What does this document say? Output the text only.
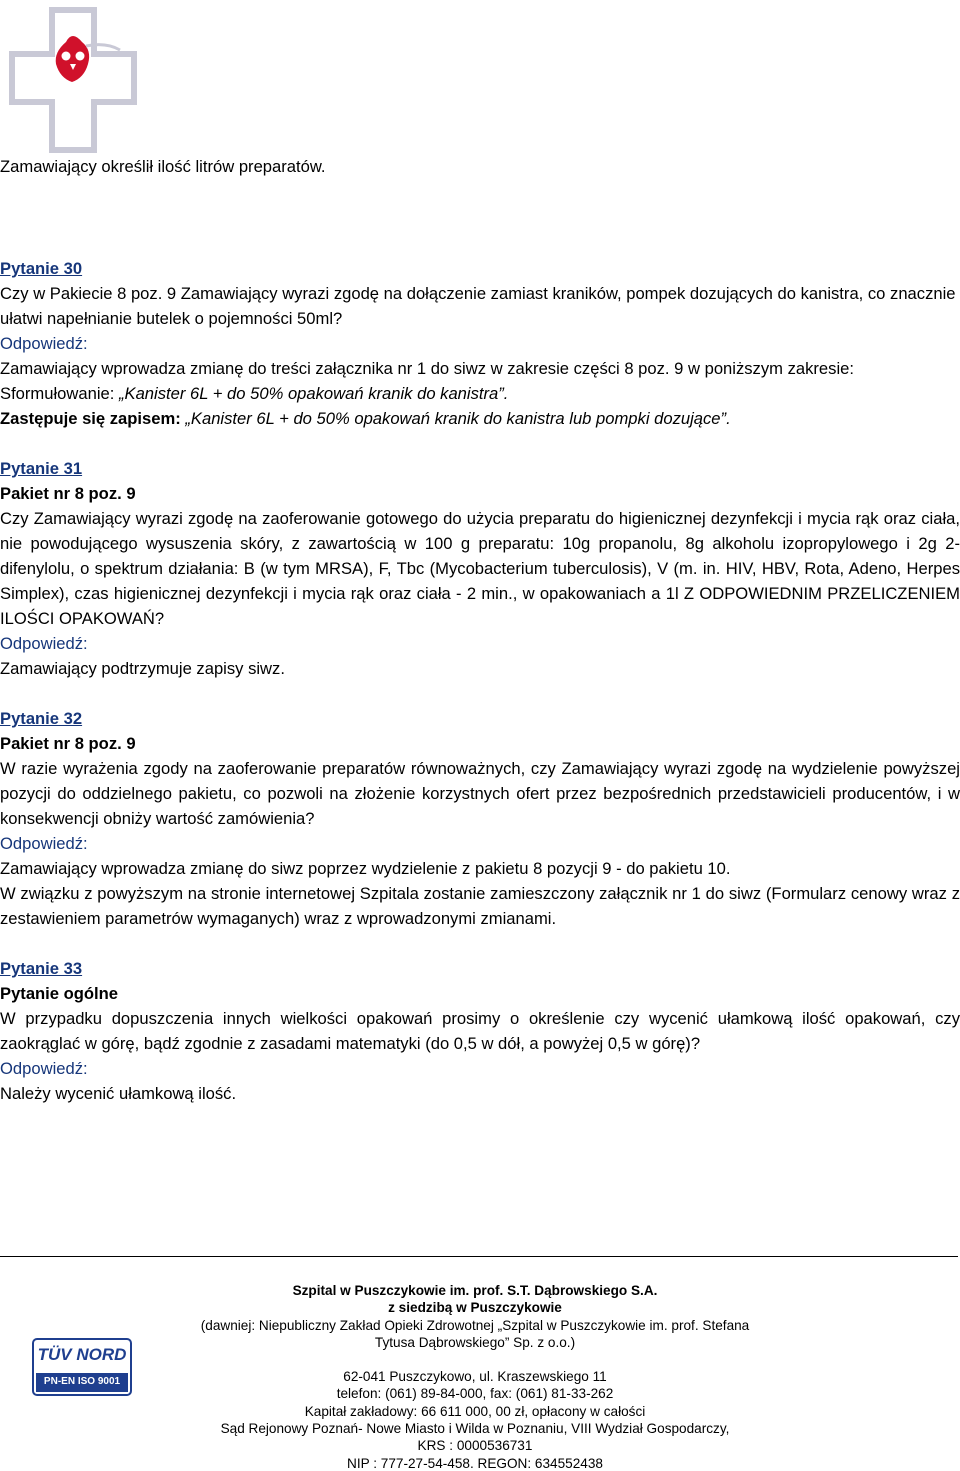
Zamawiający określił ilość litrów preparatów.

Pytanie 30

Czy w Pakiecie 8 poz. 9 Zamawiający wyrazi zgodę na dołączenie zamiast kraników, pompek dozujących do kanistra, co znacznie ułatwi napełnianie butelek o pojemności 50ml?

Odpowiedź:

Zamawiający wprowadza zmianę do treści załącznika nr 1 do siwz w zakresie części 8 poz. 9 w poniższym zakresie:

Sformułowanie: „Kanister 6L + do 50% opakowań kranik do kanistra”.

Zastępuje się zapisem: „Kanister 6L + do 50% opakowań kranik do kanistra lub pompki dozujące”.

Pytanie 31

Pakiet nr 8 poz. 9

Czy Zamawiający wyrazi zgodę na zaoferowanie gotowego do użycia preparatu do higienicznej dezynfekcji i mycia rąk oraz ciała, nie powodującego wysuszenia skóry, z zawartością w 100 g preparatu: 10g propanolu, 8g alkoholu izopropylowego i 2g 2-difenylolu, o spektrum działania: B (w tym MRSA), F, Tbc (Mycobacterium tuberculosis), V (m. in. HIV, HBV, Rota, Adeno, Herpes Simplex), czas higienicznej dezynfekcji i mycia rąk oraz ciała - 2 min., w opakowaniach a 1l Z ODPOWIEDNIM PRZELICZENIEM ILOŚCI OPAKOWAŃ?

Odpowiedź:

Zamawiający podtrzymuje zapisy siwz.

Pytanie 32

Pakiet nr 8 poz. 9

W razie wyrażenia zgody na zaoferowanie preparatów równoważnych, czy Zamawiający wyrazi zgodę na wydzielenie powyższej pozycji do oddzielnego pakietu, co pozwoli na złożenie korzystnych ofert przez bezpośrednich przedstawicieli producentów, i w konsekwencji obniży wartość zamówienia?

Odpowiedź:

Zamawiający wprowadza zmianę do siwz poprzez wydzielenie z pakietu 8 pozycji 9 - do pakietu 10.

W związku z powyższym na stronie internetowej Szpitala zostanie zamieszczony załącznik nr 1 do siwz (Formularz cenowy wraz z zestawieniem parametrów wymaganych) wraz z wprowadzonymi zmianami.

Pytanie 33

Pytanie ogólne

W przypadku dopuszczenia innych wielkości opakowań prosimy o określenie czy wycenić ułamkową ilość opakowań, czy zaokrąglać w górę, bądź zgodnie z zasadami matematyki (do 0,5 w dół, a powyżej 0,5 w górę)?

Odpowiedź:

Należy wycenić ułamkową ilość.

TÜV NORD
PN-EN ISO 9001

Szpital w Puszczykowie im. prof. S.T. Dąbrowskiego S.A.

z siedzibą w Puszczykowie

(dawniej: Niepubliczny Zakład Opieki Zdrowotnej „Szpital w Puszczykowie im. prof. Stefana Tytusa Dąbrowskiego” Sp. z o.o.)

62-041 Puszczykowo, ul. Kraszewskiego 11

telefon: (061) 89-84-000, fax: (061) 81-33-262

Kapitał zakładowy: 66 611 000, 00 zł, opłacony w całości

Sąd Rejonowy Poznań- Nowe Miasto i Wilda w Poznaniu, VIII Wydział Gospodarczy,

KRS : 0000536731

NIP : 777-27-54-458. REGON: 634552438
